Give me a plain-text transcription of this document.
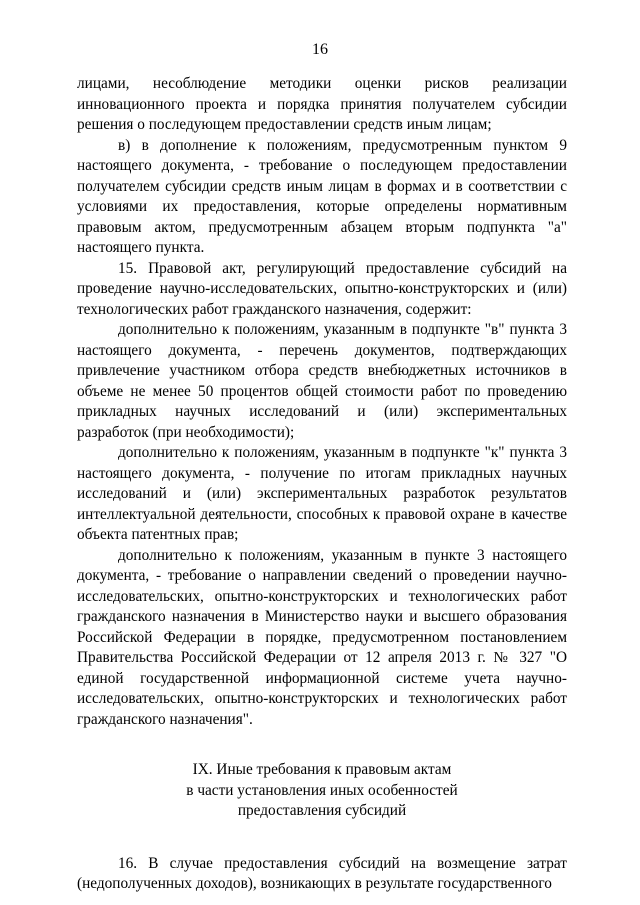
16

лицами, несоблюдение методики оценки рисков реализации инновационного проекта и порядка принятия получателем субсидии решения о последующем предоставлении средств иным лицам;

в) в дополнение к положениям, предусмотренным пунктом 9 настоящего документа, - требование о последующем предоставлении получателем субсидии средств иным лицам в формах и в соответствии с условиями их предоставления, которые определены нормативным правовым актом, предусмотренным абзацем вторым подпункта "а" настоящего пункта.

15. Правовой акт, регулирующий предоставление субсидий на проведение научно-исследовательских, опытно-конструкторских и (или) технологических работ гражданского назначения, содержит:

дополнительно к положениям, указанным в подпункте "в" пункта 3 настоящего документа, - перечень документов, подтверждающих привлечение участником отбора средств внебюджетных источников в объеме не менее 50 процентов общей стоимости работ по проведению прикладных научных исследований и (или) экспериментальных разработок (при необходимости);

дополнительно к положениям, указанным в подпункте "к" пункта 3 настоящего документа, - получение по итогам прикладных научных исследований и (или) экспериментальных разработок результатов интеллектуальной деятельности, способных к правовой охране в качестве объекта патентных прав;

дополнительно к положениям, указанным в пункте 3 настоящего документа, - требование о направлении сведений о проведении научно-исследовательских, опытно-конструкторских и технологических работ гражданского назначения в Министерство науки и высшего образования Российской Федерации в порядке, предусмотренном постановлением Правительства Российской Федерации от 12 апреля 2013 г. № 327 "О единой государственной информационной системе учета научно-исследовательских, опытно-конструкторских и технологических работ гражданского назначения".

IX. Иные требования к правовым актам
в части установления иных особенностей
предоставления субсидий

16. В случае предоставления субсидий на возмещение затрат (недополученных доходов), возникающих в результате государственного
